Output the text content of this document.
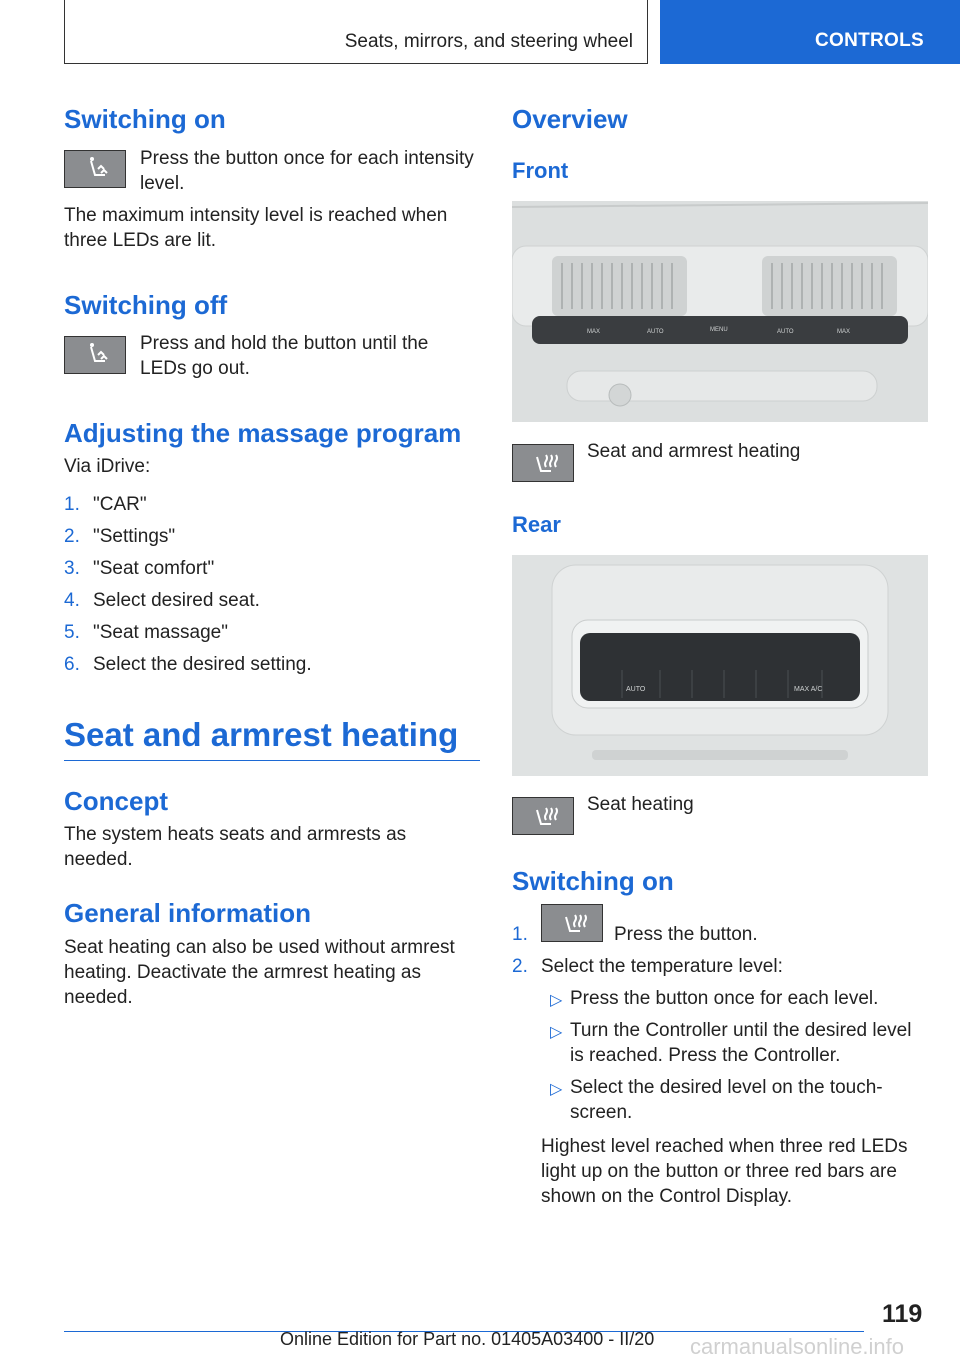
Seats, mirrors, and steering wheel	CONTROLS
Switching on
Press the button once for each intensity level.
The maximum intensity level is reached when three LEDs are lit.
Switching off
Press and hold the button until the LEDs go out.
Adjusting the massage program
Via iDrive:
1. "CAR"
2. "Settings"
3. "Seat comfort"
4. Select desired seat.
5. "Seat massage"
6. Select the desired setting.
Seat and armrest heating
Concept
The system heats seats and armrests as needed.
General information
Seat heating can also be used without armrest heating. Deactivate the armrest heating as needed.
Overview
Front
MAX	AUTO	MENU	AUTO	MAX
Seat and armrest heating
Rear
AUTO	MAX A/C
Seat heating
Switching on
1.	Press the button.
2. Select the temperature level:
▷ Press the button once for each level.
▷ Turn the Controller until the desired level is reached. Press the Controller.
▷ Select the desired level on the touch-screen.
Highest level reached when three red LEDs light up on the button or three red bars are shown on the Control Display.
119
Online Edition for Part no. 01405A03400 - II/20 carmanualsonline.info
